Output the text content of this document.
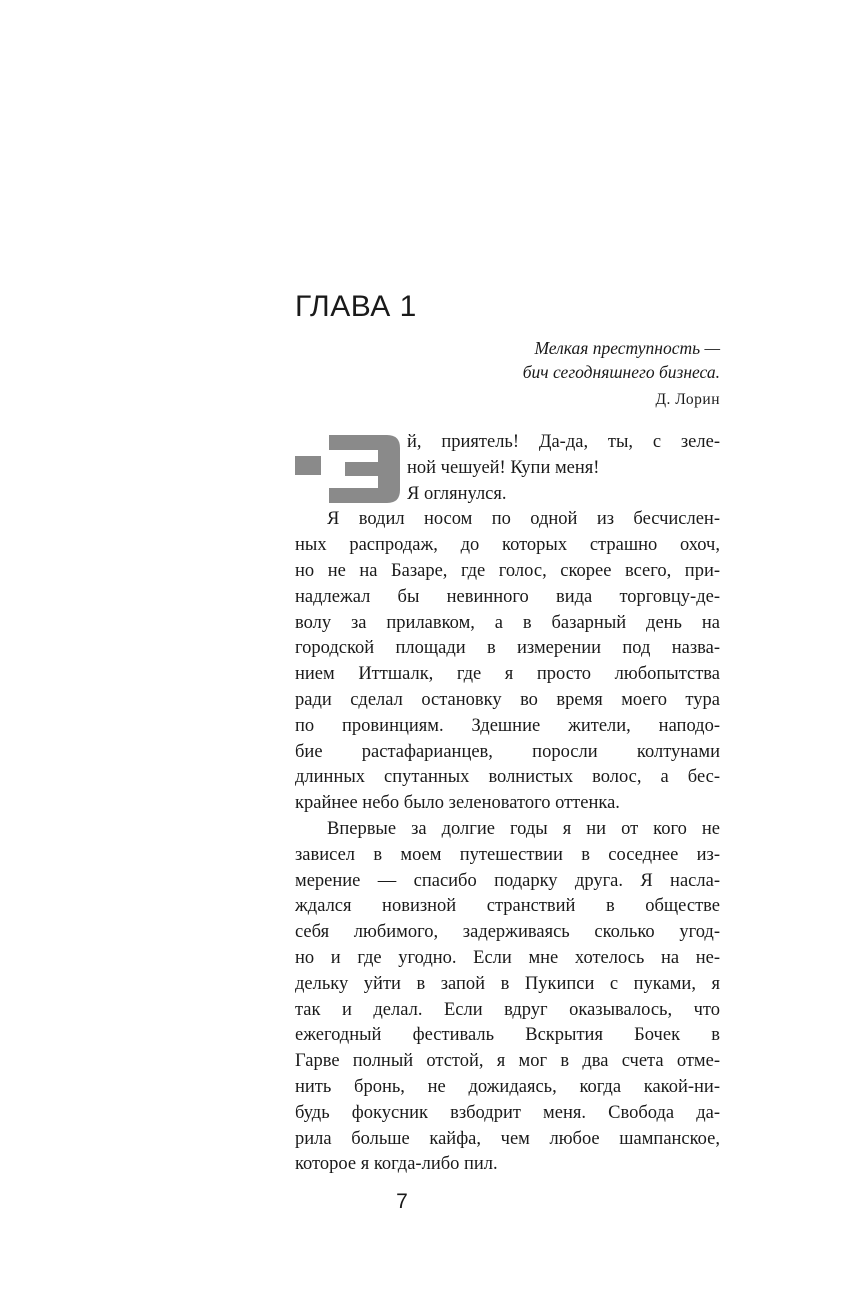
ГЛАВА 1
Мелкая преступность —
бич сегодняшнего бизнеса.
Д. Лорин
й, приятель! Да-да, ты, с зеле-
ной чешуей! Купи меня!
Я оглянулся.
Я водил носом по одной из бесчислен-
ных распродаж, до которых страшно охоч,
но не на Базаре, где голос, скорее всего, при-
надлежал бы невинного вида торговцу-де-
волу за прилавком, а в базарный день на
городской площади в измерении под назва-
нием Иттшалк, где я просто любопытства
ради сделал остановку во время моего тура
по провинциям. Здешние жители, наподо-
бие растафарианцев, поросли колтунами
длинных спутанных волнистых волос, а бес-
крайнее небо было зеленоватого оттенка.
Впервые за долгие годы я ни от кого не
зависел в моем путешествии в соседнее из-
мерение — спасибо подарку друга. Я насла-
ждался новизной странствий в обществе
себя любимого, задерживаясь сколько угод-
но и где угодно. Если мне хотелось на не-
дельку уйти в запой в Пукипси с пуками, я
так и делал. Если вдруг оказывалось, что
ежегодный фестиваль Вскрытия Бочек в
Гарве полный отстой, я мог в два счета отме-
нить бронь, не дожидаясь, когда какой-ни-
будь фокусник взбодрит меня. Свобода да-
рила больше кайфа, чем любое шампанское,
которое я когда-либо пил.
7
